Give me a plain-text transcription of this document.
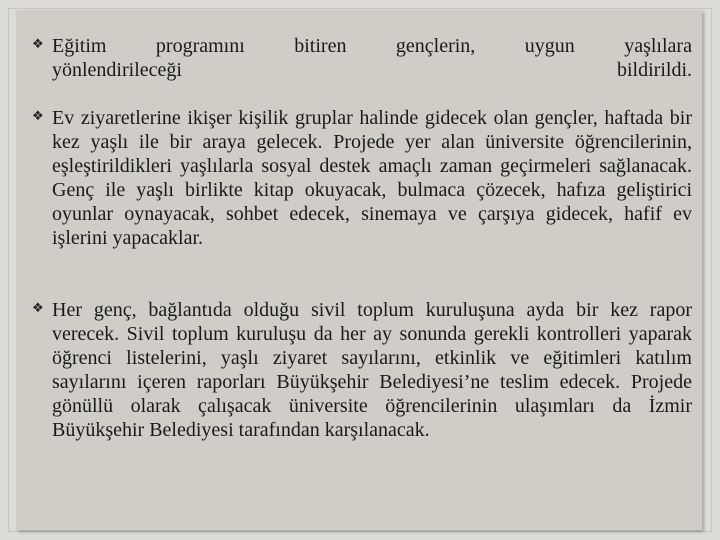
❖ Eğitim programını bitiren gençlerin, uygun yaşlılara
yönlendirileceği	bildirildi.
❖ Ev ziyaretlerine ikişer kişilik gruplar halinde gidecek olan gençler, haftada bir kez yaşlı ile bir araya gelecek. Projede yer alan üniversite öğrencilerinin, eşleştirildikleri yaşlılarla sosyal destek amaçlı zaman geçirmeleri sağlanacak. Genç ile yaşlı birlikte kitap okuyacak, bulmaca çözecek, hafıza geliştirici oyunlar oynayacak, sohbet edecek, sinemaya ve çarşıya gidecek, hafif ev işlerini yapacaklar.
❖ Her genç, bağlantıda olduğu sivil toplum kuruluşuna ayda bir kez rapor verecek. Sivil toplum kuruluşu da her ay sonunda gerekli kontrolleri yaparak öğrenci listelerini, yaşlı ziyaret sayılarını, etkinlik ve eğitimleri katılım sayılarını içeren raporları Büyükşehir Belediyesi’ne teslim edecek. Projede gönüllü olarak çalışacak üniversite öğrencilerinin ulaşımları da İzmir Büyükşehir Belediyesi tarafından karşılanacak.
